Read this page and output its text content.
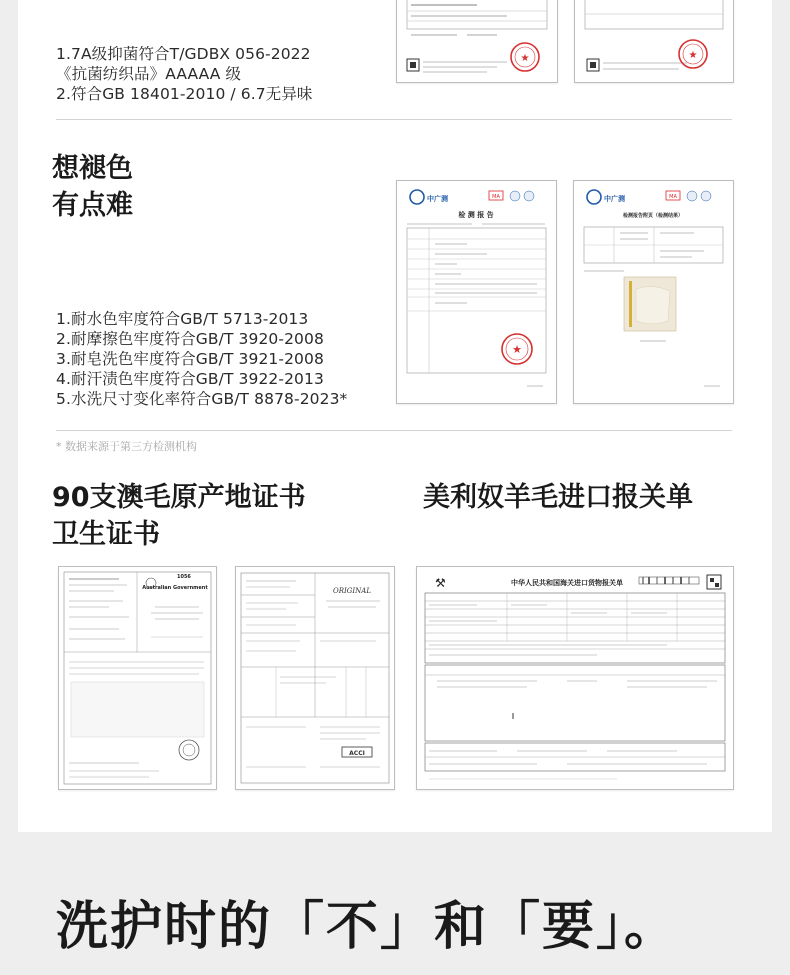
1.7A级抑菌符合T/GDBX 056-2022
《抗菌纺织品》AAAAA 级
2.符合GB 18401-2010 / 6.7无异味
★	★
想褪色
有点难
1.耐水色牢度符合GB/T 5713-2013
2.耐摩擦色牢度符合GB/T 3920-2008
3.耐皂洗色牢度符合GB/T 3921-2008
4.耐汗渍色牢度符合GB/T 3922-2013
5.水洗尺寸变化率符合GB/T 8878-2023*
中广测	MA
检 测 报 告
★
中广测	MA
检测报告附页（检测结果）
* 数据来源于第三方检测机构
90支澳毛原产地证书
卫生证书
美利奴羊毛进口报关单
1056
Australian Government	ORIGINAL
ACCI
⚒	中华人民共和国海关进口货物报关单
洗护时的「不」和「要」。
